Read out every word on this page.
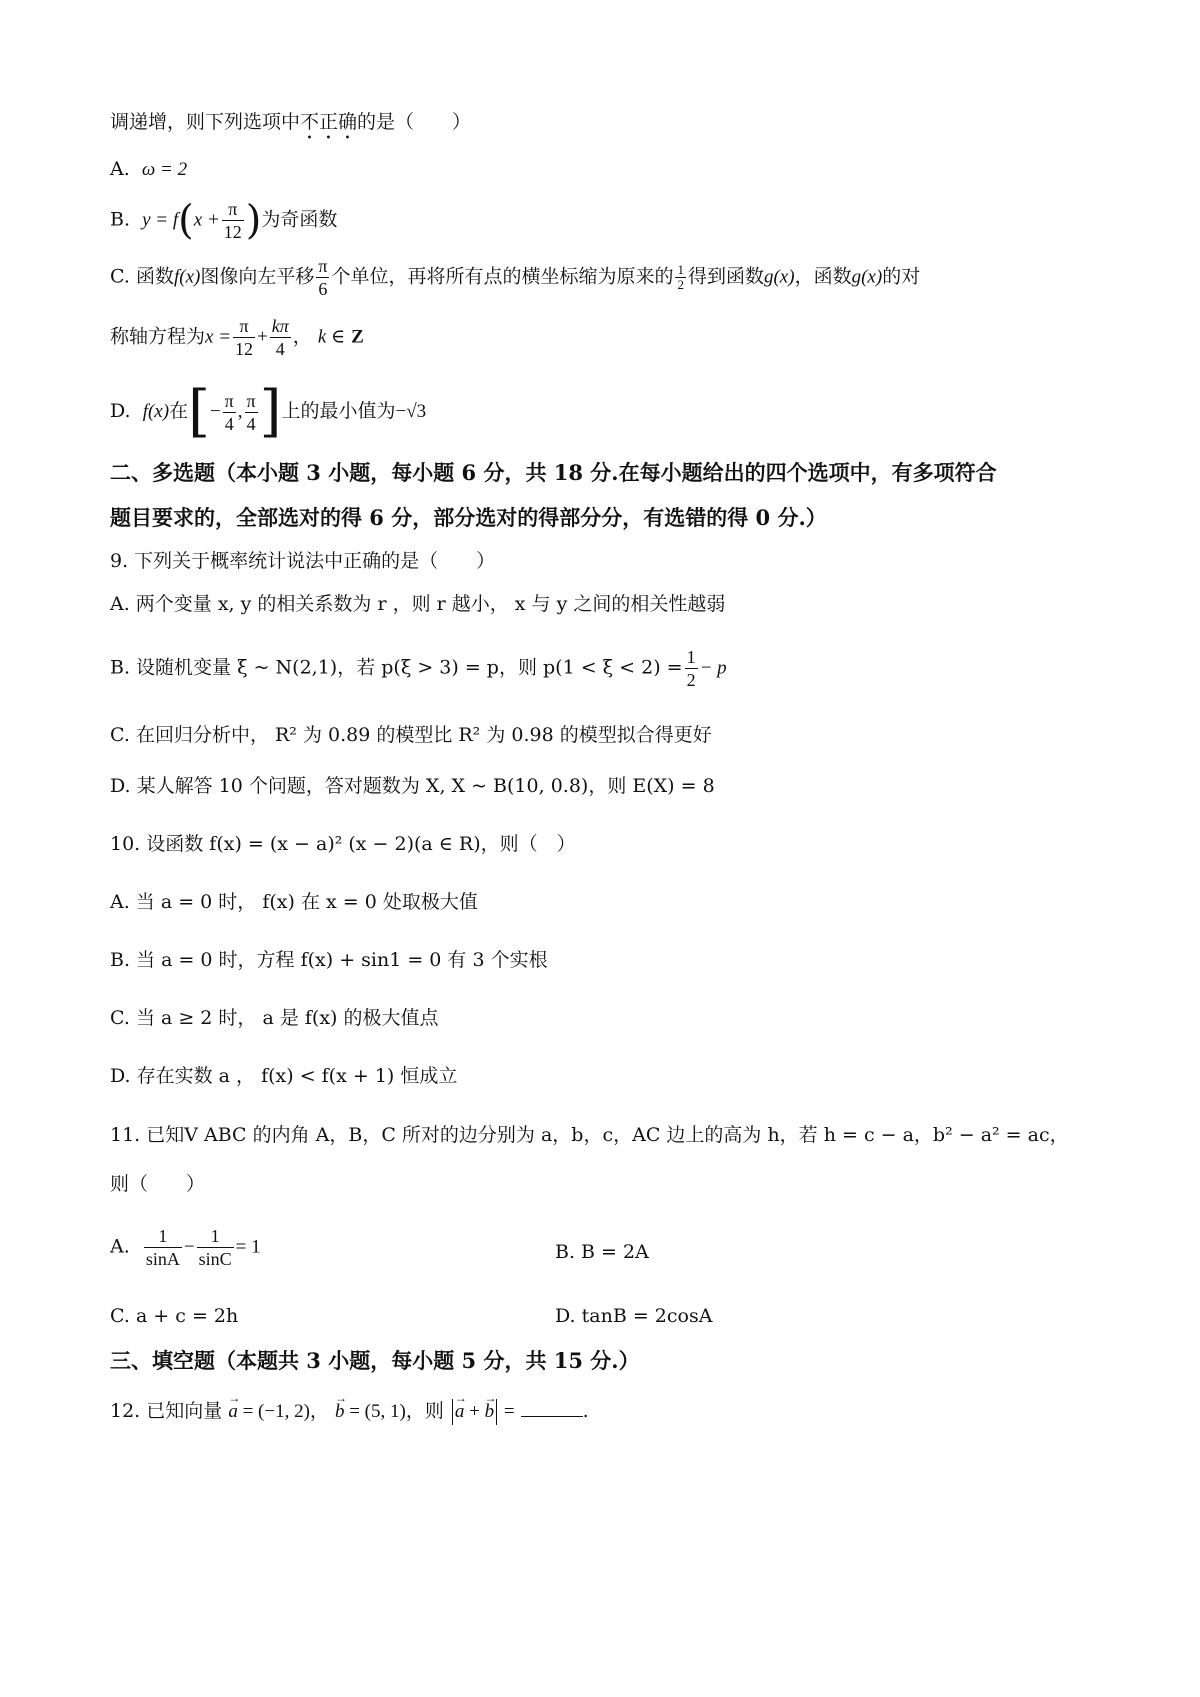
调递增，则下列选项中不正确的是（　　）
A. ω = 2
B. $y = f(x + \frac{\pi}{12}$ )为奇函数
C. 函数f(x)图像向左平移 $\frac{\pi}{6}$ 个单位，再将所有点的横坐标缩为原来的 $\frac{1}{2}$ 得到函数g(x)，函数g(x)的对
称轴方程为$x = \frac{\pi}{12} + \frac{k\pi}{4}$ ， k ∈ Z
D. f(x)在[− $\frac{\pi}{4}$ , $\frac{\pi}{4}$ ]上的最小值为−√3
二、多选题（本小题 3 小题，每小题 6 分，共 18 分.在每小题给出的四个选项中，有多项符合
题目要求的，全部选对的得 6 分，部分选对的得部分分，有选错的得 0 分.）
9. 下列关于概率统计说法中正确的是（　　）
A. 两个变量 x, y 的相关系数为 r ，则 r 越小， x 与 y 之间的相关性越弱
B. 设随机变量 ξ ~ N(2,1)，若 p(ξ > 3) = p，则 $p(1 < \xi < 2) = \frac{1}{2} - p$
C. 在回归分析中， R² 为 0.89 的模型比 R² 为 0.98 的模型拟合得更好
D. 某人解答 10 个问题，答对题数为 X, X ~ B(10, 0.8)，则 E(X) = 8
10. 设函数 f(x) = (x − a)² (x − 2)(a ∈ R)，则（　）
A. 当 a = 0 时， f(x) 在 x = 0 处取极大值
B. 当 a = 0 时，方程 f(x) + sin1 = 0 有 3 个实根
C. 当 a ≥ 2 时， a 是 f(x) 的极大值点
D. 存在实数 a ， f(x) < f(x + 1) 恒成立
11. 已知V ABC 的内角 A，B，C 所对的边分别为 a，b，c，AC 边上的高为 h，若 h = c − a，b² − a² = ac，
则（　　）
A. $\frac{1}{\sin A} - \frac{1}{\sin C} = 1$	B. B = 2A
C. a + c = 2h	D. tanB = 2cosA
三、填空题（本题共 3 小题，每小题 5 分，共 15 分.）
12. 已知向量 → a = (−1, 2)， → b = (5, 1)，则 → a + → b =	.
